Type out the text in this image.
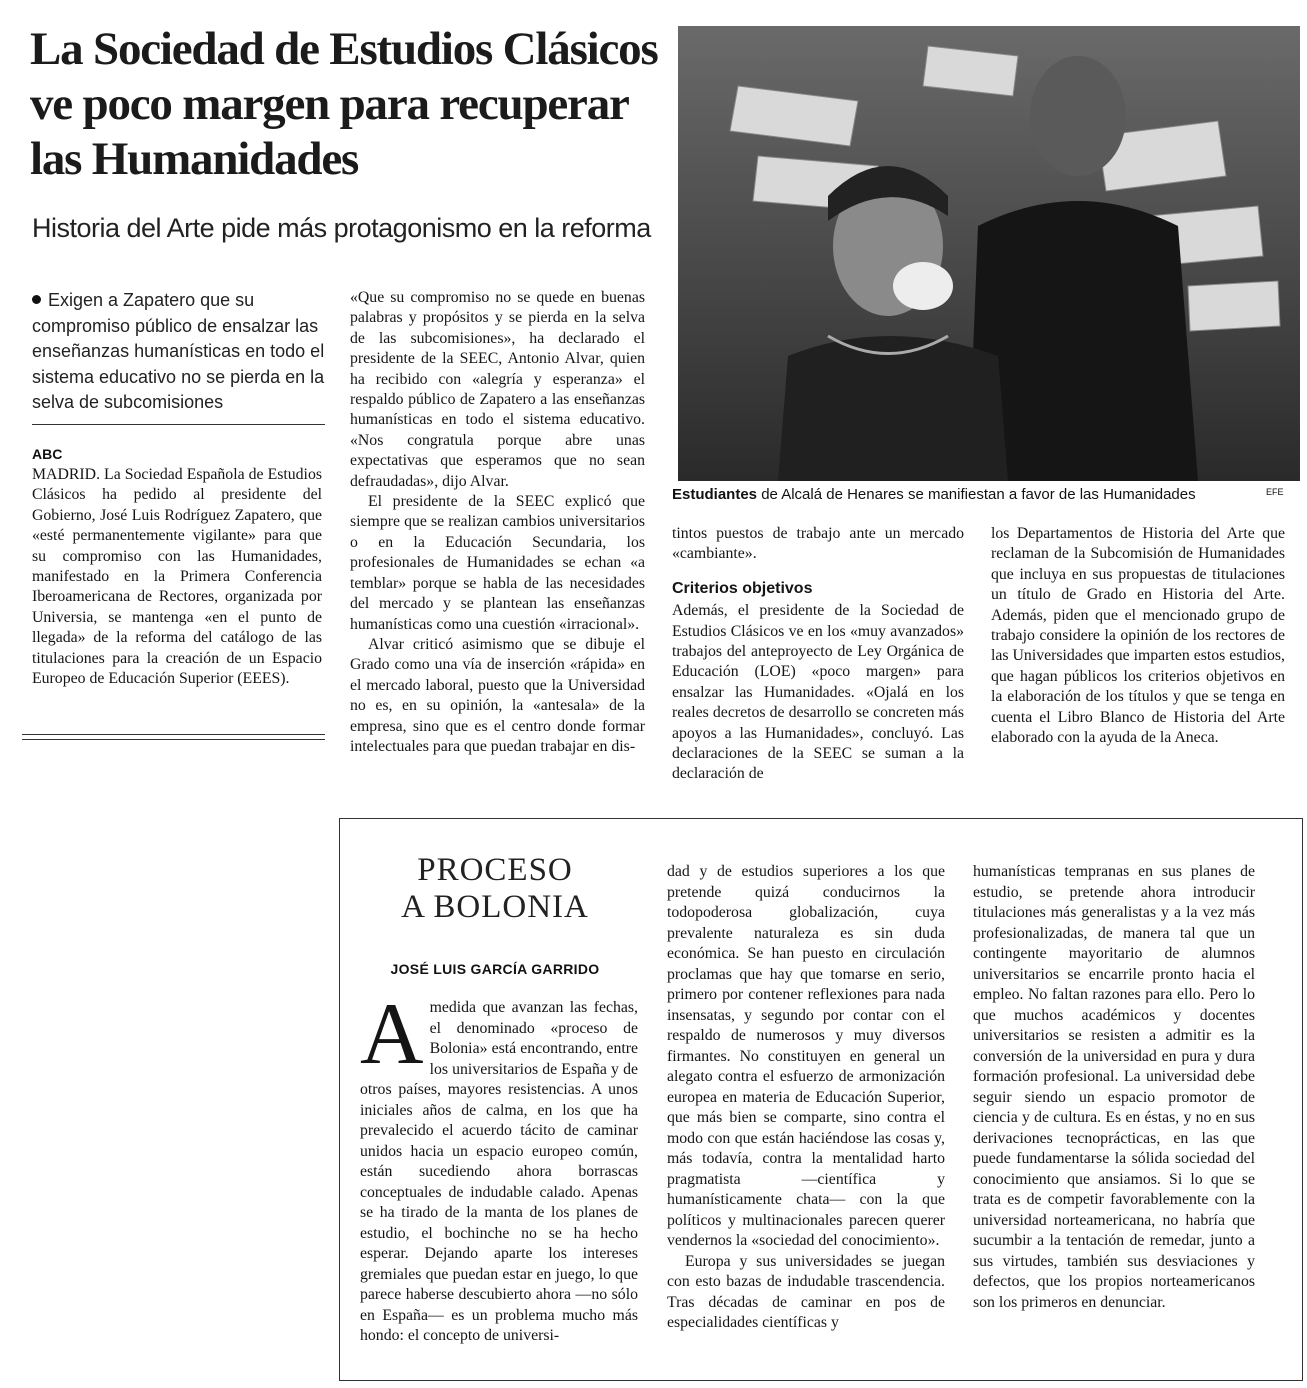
La Sociedad de Estudios Clásicos ve poco margen para recuperar las Humanidades
Historia del Arte pide más protagonismo en la reforma
Exigen a Zapatero que su compromiso público de ensalzar las enseñanzas humanísticas en todo el sistema educativo no se pierda en la selva de subcomisiones
ABC

MADRID. La Sociedad Española de Estudios Clásicos ha pedido al presidente del Gobierno, José Luis Rodríguez Zapatero, que «esté permanentemente vigilante» para que su compromiso con las Humanidades, manifestado en la Primera Conferencia Iberoamericana de Rectores, organizada por Universia, se mantenga «en el punto de llegada» de la reforma del catálogo de las titulaciones para la creación de un Espacio Europeo de Educación Superior (EEES).

«Que su compromiso no se quede en buenas palabras y propósitos y se pierda en la selva de las subcomisiones», ha declarado el presidente de la SEEC, Antonio Alvar, quien ha recibido con «alegría y esperanza» el respaldo público de Zapatero a las enseñanzas humanísticas en todo el sistema educativo. «Nos congratula porque abre unas expectativas que esperamos que no sean defraudadas», dijo Alvar.

El presidente de la SEEC explicó que siempre que se realizan cambios universitarios o en la Educación Secundaria, los profesionales de Humanidades se echan «a temblar» porque se habla de las necesidades del mercado y se plantean las enseñanzas humanísticas como una cuestión «irracional».

Alvar criticó asimismo que se dibuje el Grado como una vía de inserción «rápida» en el mercado laboral, puesto que la Universidad no es, en su opinión, la «antesala» de la empresa, sino que es el centro donde formar intelectuales para que puedan trabajar en dis-

Estudiantes de Alcalá de Henares se manifiestan a favor de las Humanidades	EFE

tintos puestos de trabajo ante un mercado «cambiante».

Criterios objetivos

Además, el presidente de la Sociedad de Estudios Clásicos ve en los «muy avanzados» trabajos del anteproyecto de Ley Orgánica de Educación (LOE) «poco margen» para ensalzar las Humanidades. «Ojalá en los reales decretos de desarrollo se concreten más apoyos a las Humanidades», concluyó. Las declaraciones de la SEEC se suman a la declaración de

los Departamentos de Historia del Arte que reclaman de la Subcomisión de Humanidades que incluya en sus propuestas de titulaciones un título de Grado en Historia del Arte. Además, piden que el mencionado grupo de trabajo considere la opinión de los rectores de las Universidades que imparten estos estudios, que hagan públicos los criterios objetivos en la elaboración de los títulos y que se tenga en cuenta el Libro Blanco de Historia del Arte elaborado con la ayuda de la Aneca.

PROCESO
A BOLONIA
JOSÉ LUIS GARCÍA GARRIDO
Amedida que avanzan las fechas, el denominado «proceso de Bolonia» está encontrando, entre los universitarios de España y de otros países, mayores resistencias. A unos iniciales años de calma, en los que ha prevalecido el acuerdo tácito de caminar unidos hacia un espacio europeo común, están sucediendo ahora borrascas conceptuales de indudable calado. Apenas se ha tirado de la manta de los planes de estudio, el bochinche no se ha hecho esperar. Dejando aparte los intereses gremiales que puedan estar en juego, lo que parece haberse descubierto ahora —no sólo en España— es un problema mucho más hondo: el concepto de universi-

dad y de estudios superiores a los que pretende quizá conducirnos la todopoderosa globalización, cuya prevalente naturaleza es sin duda económica. Se han puesto en circulación proclamas que hay que tomarse en serio, primero por contener reflexiones para nada insensatas, y segundo por contar con el respaldo de numerosos y muy diversos firmantes. No constituyen en general un alegato contra el esfuerzo de armonización europea en materia de Educación Superior, que más bien se comparte, sino contra el modo con que están haciéndose las cosas y, más todavía, contra la mentalidad harto pragmatista —científica y humanísticamente chata— con la que políticos y multinacionales parecen querer vendernos la «sociedad del conocimiento».

Europa y sus universidades se juegan con esto bazas de indudable trascendencia. Tras décadas de caminar en pos de especialidades científicas y

humanísticas tempranas en sus planes de estudio, se pretende ahora introducir titulaciones más generalistas y a la vez más profesionalizadas, de manera tal que un contingente mayoritario de alumnos universitarios se encarrile pronto hacia el empleo. No faltan razones para ello. Pero lo que muchos académicos y docentes universitarios se resisten a admitir es la conversión de la universidad en pura y dura formación profesional. La universidad debe seguir siendo un espacio promotor de ciencia y de cultura. Es en éstas, y no en sus derivaciones tecnoprácticas, en las que puede fundamentarse la sólida sociedad del conocimiento que ansiamos. Si lo que se trata es de competir favorablemente con la universidad norteamericana, no habría que sucumbir a la tentación de remedar, junto a sus virtudes, también sus desviaciones y defectos, que los propios norteamericanos son los primeros en denunciar.
